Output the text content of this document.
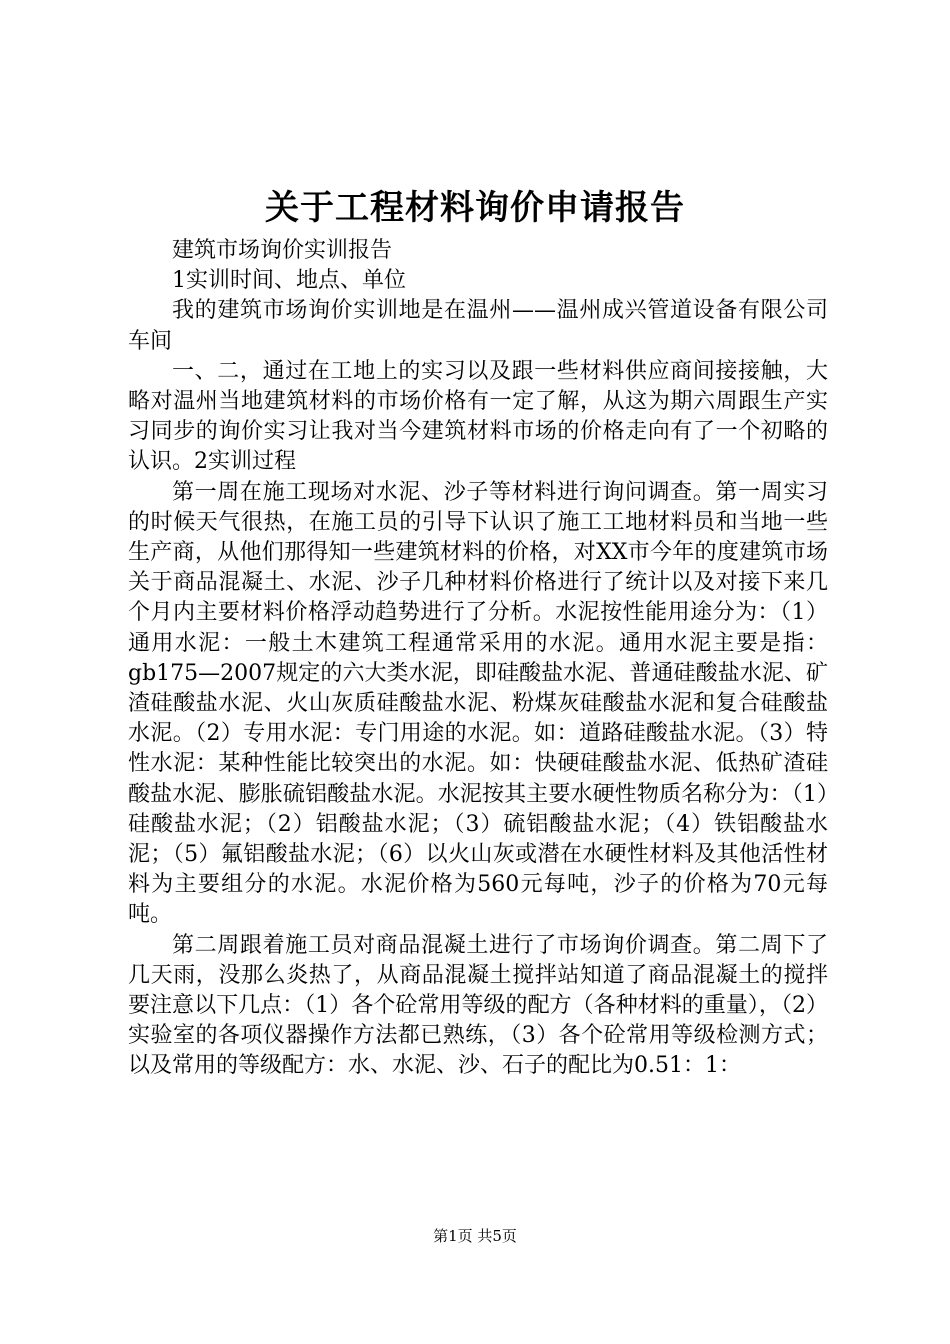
关于工程材料询价申请报告

建筑市场询价实训报告

1实训时间、地点、单位

我的建筑市场询价实训地是在温州——温州成兴管道设备有限公司车间

一、二，通过在工地上的实习以及跟一些材料供应商间接接触，大略对温州当地建筑材料的市场价格有一定了解，从这为期六周跟生产实习同步的询价实习让我对当今建筑材料市场的价格走向有了一个初略的认识。2实训过程

第一周在施工现场对水泥、沙子等材料进行询问调查。第一周实习的时候天气很热，在施工员的引导下认识了施工工地材料员和当地一些生产商，从他们那得知一些建筑材料的价格，对XX市今年的度建筑市场关于商品混凝土、水泥、沙子几种材料价格进行了统计以及对接下来几个月内主要材料价格浮动趋势进行了分析。水泥按性能用途分为：（1）通用水泥：一般土木建筑工程通常采用的水泥。通用水泥主要是指：gb175—2007规定的六大类水泥，即硅酸盐水泥、普通硅酸盐水泥、矿渣硅酸盐水泥、火山灰质硅酸盐水泥、粉煤灰硅酸盐水泥和复合硅酸盐水泥。（2）专用水泥：专门用途的水泥。如：道路硅酸盐水泥。（3）特性水泥：某种性能比较突出的水泥。如：快硬硅酸盐水泥、低热矿渣硅酸盐水泥、膨胀硫铝酸盐水泥。水泥按其主要水硬性物质名称分为：（1）硅酸盐水泥；（2）铝酸盐水泥；（3）硫铝酸盐水泥；（4）铁铝酸盐水泥；（5）氟铝酸盐水泥；（6）以火山灰或潜在水硬性材料及其他活性材料为主要组分的水泥。水泥价格为560元每吨，沙子的价格为70元每吨。

第二周跟着施工员对商品混凝土进行了市场询价调查。第二周下了几天雨，没那么炎热了，从商品混凝土搅拌站知道了商品混凝土的搅拌要注意以下几点：（1）各个砼常用等级的配方（各种材料的重量），（2）实验室的各项仪器操作方法都已熟练，（3）各个砼常用等级检测方式；以及常用的等级配方：水、水泥、沙、石子的配比为0.51：1：

第1页 共5页
